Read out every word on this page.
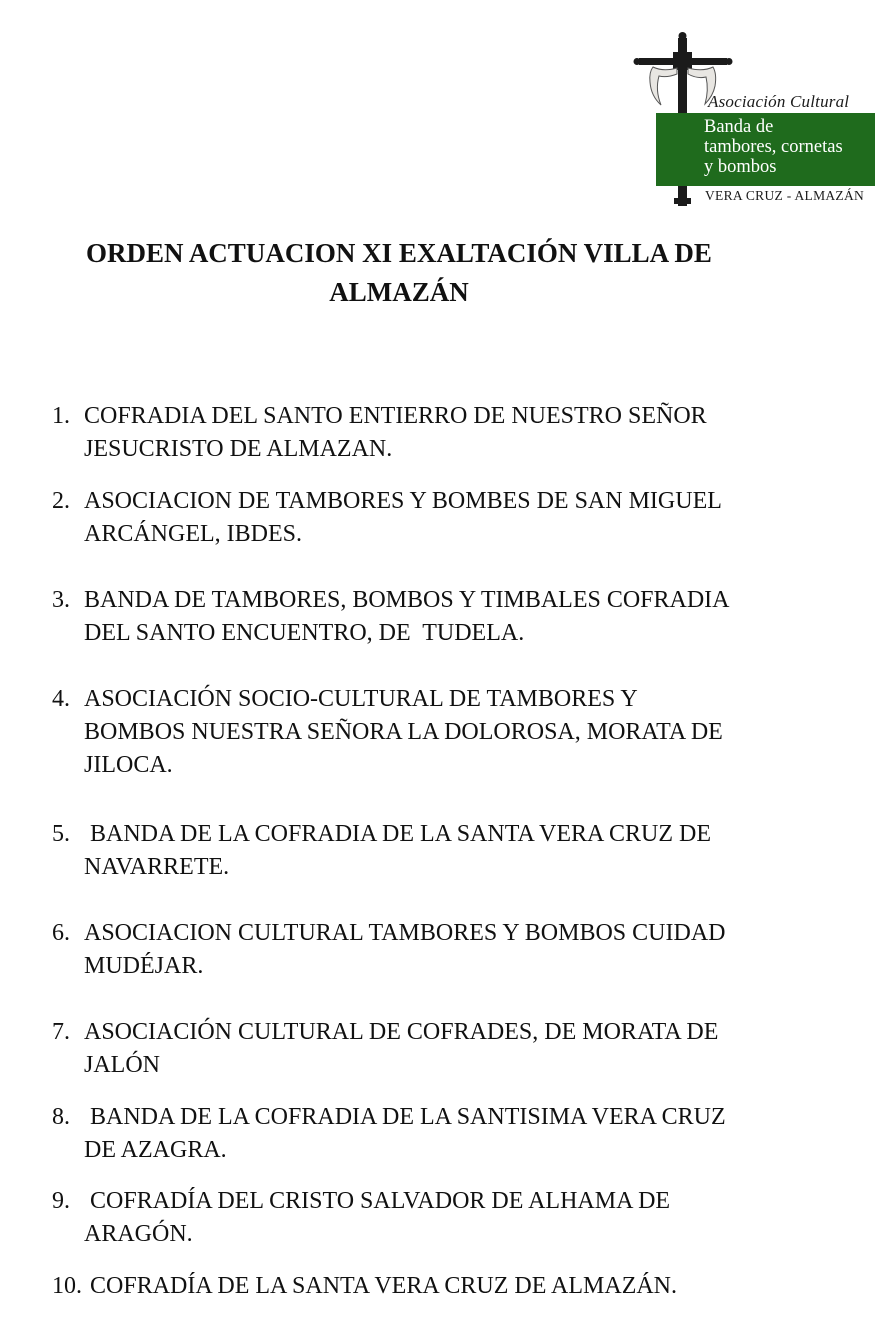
Asociación Cultural
Banda de
tambores, cornetas
y bombos
VERA CRUZ - ALMAZÁN
ORDEN ACTUACION XI EXALTACIÓN VILLA DE
ALMAZÁN
1. COFRADIA DEL SANTO ENTIERRO DE NUESTRO SEÑOR
JESUCRISTO DE ALMAZAN.
2. ASOCIACION DE TAMBORES Y BOMBES DE SAN MIGUEL
ARCÁNGEL, IBDES.
3. BANDA DE TAMBORES, BOMBOS Y TIMBALES COFRADIA
DEL SANTO ENCUENTRO, DE  TUDELA.
4. ASOCIACIÓN SOCIO-CULTURAL DE TAMBORES Y
BOMBOS NUESTRA SEÑORA LA DOLOROSA, MORATA DE
JILOCA.
5. BANDA DE LA COFRADIA DE LA SANTA VERA CRUZ DE
NAVARRETE.
6. ASOCIACION CULTURAL TAMBORES Y BOMBOS CUIDAD
MUDÉJAR.
7. ASOCIACIÓN CULTURAL DE COFRADES, DE MORATA DE
JALÓN
8. BANDA DE LA COFRADIA DE LA SANTISIMA VERA CRUZ
DE AZAGRA.
9. COFRADÍA DEL CRISTO SALVADOR DE ALHAMA DE
ARAGÓN.
10. COFRADÍA DE LA SANTA VERA CRUZ DE ALMAZÁN.
